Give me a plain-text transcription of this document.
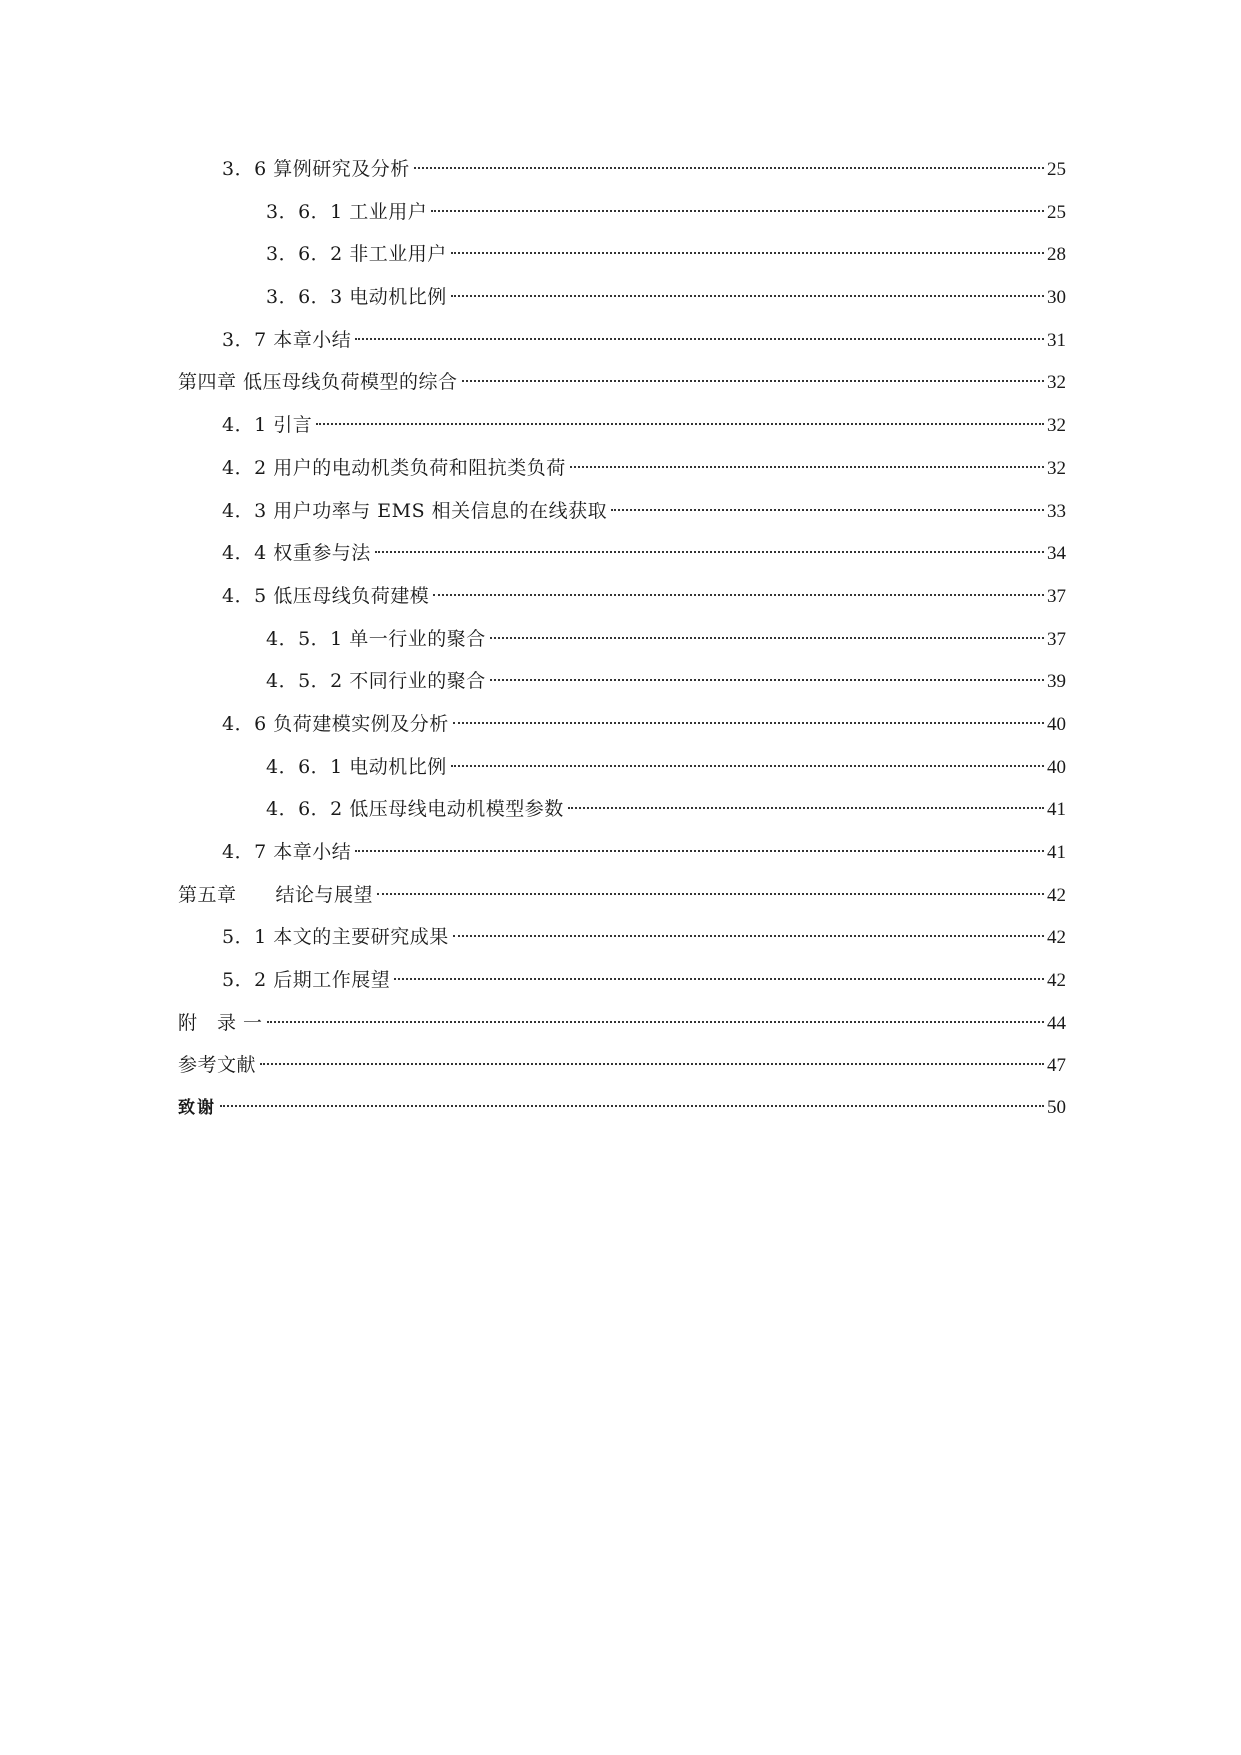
3．6 算例研究及分析	25
3．6．1 工业用户	25
3．6．2 非工业用户	28
3．6．3 电动机比例	30
3．7 本章小结	31
第四章 低压母线负荷模型的综合	32
4．1 引言	32
4．2 用户的电动机类负荷和阻抗类负荷	32
4．3 用户功率与 EMS 相关信息的在线获取	33
4．4 权重参与法	34
4．5 低压母线负荷建模	37
4．5．1 单一行业的聚合	37
4．5．2 不同行业的聚合	39
4．6 负荷建模实例及分析	40
4．6．1 电动机比例	40
4．6．2 低压母线电动机模型参数	41
4．7 本章小结	41
第五章　　结论与展望	42
5．1 本文的主要研究成果	42
5．2 后期工作展望	42
附　录 一	44
参考文献	47
致谢	50
